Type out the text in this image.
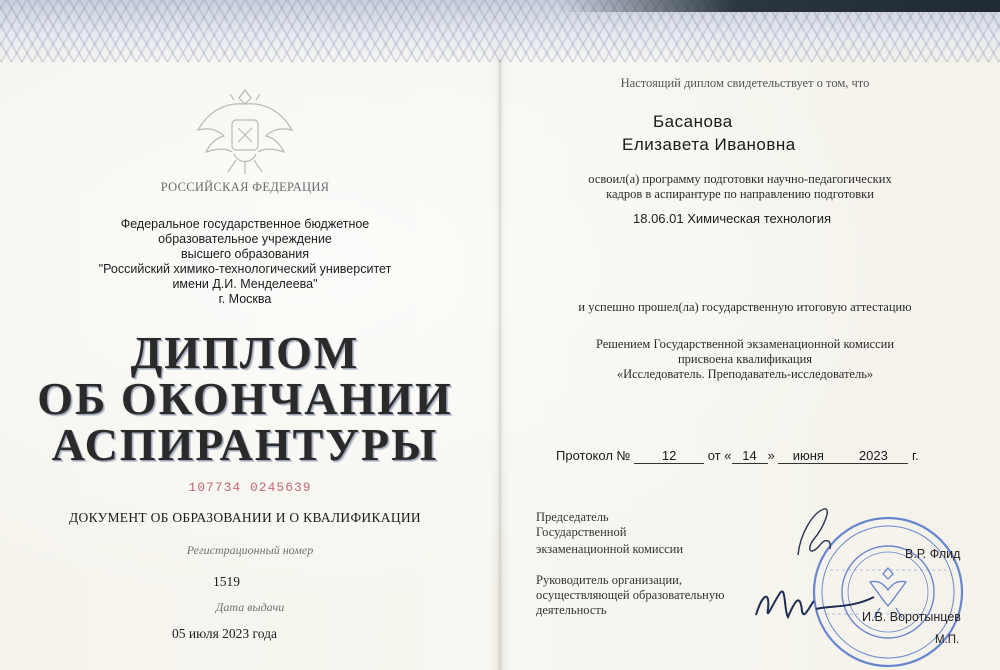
РОССИЙСКАЯ ФЕДЕРАЦИЯ
Федеральное государственное бюджетное
образовательное учреждение
высшего образования
"Российский химико-технологический университет
имени Д.И. Менделеева"
г. Москва
ДИПЛОМ
ОБ ОКОНЧАНИИ
АСПИРАНТУРЫ
107734 0245639
ДОКУМЕНТ ОБ ОБРАЗОВАНИИ И О КВАЛИФИКАЦИИ
Регистрационный номер
1519
Дата выдачи
05 июля 2023 года
Настоящий диплом свидетельствует о том, что
Басанова
Елизавета Ивановна
освоил(а) программу подготовки научно-педагогических
кадров в аспирантуре по направлению подготовки
18.06.01 Химическая технология
и успешно прошел(ла) государственную итоговую аттестацию
Решением Государственной экзаменационной комиссии
присвоена квалификация
«Исследователь. Преподаватель-исследователь»
Протокол № 12 от « 14 » июня	2023 г.
Председатель
Государственной
экзаменационной комиссии
Руководитель организации,
осуществляющей образовательную
деятельность
В.Р. Флид
И.В. Воротынцев
М.П.
